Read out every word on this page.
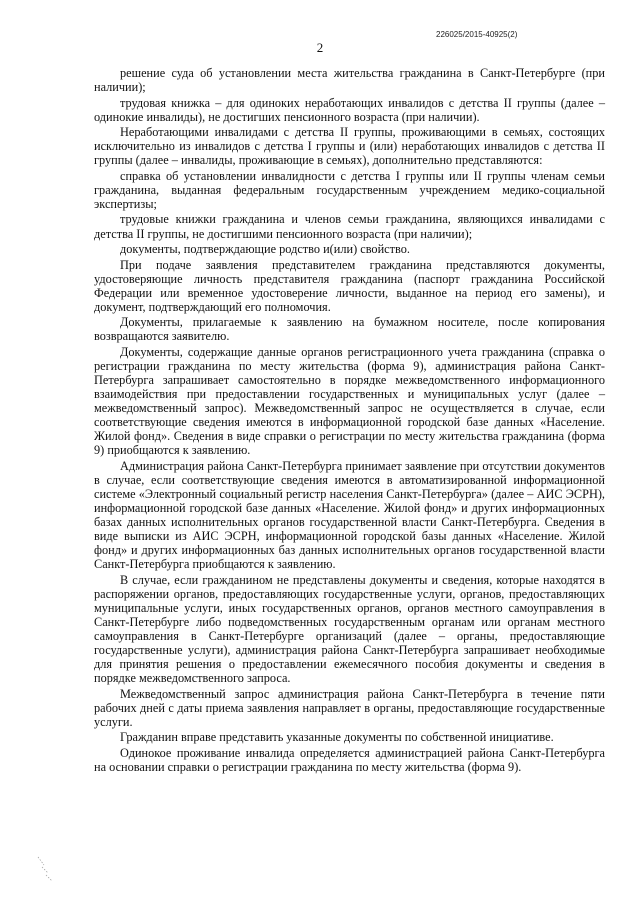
226025/2015-40925(2)
2

решение суда об установлении места жительства гражданина в Санкт-Петербурге (при наличии);

трудовая книжка – для одиноких неработающих инвалидов с детства II группы (далее – одинокие инвалиды), не достигших пенсионного возраста (при наличии).

Неработающими инвалидами с детства II группы, проживающими в семьях, состоящих исключительно из инвалидов с детства I группы и (или) неработающих инвалидов с детства II группы (далее – инвалиды, проживающие в семьях), дополнительно представляются:

справка об установлении инвалидности с детства I группы или II группы членам семьи гражданина, выданная федеральным государственным учреждением медико-социальной экспертизы;

трудовые книжки гражданина и членов семьи гражданина, являющихся инвалидами с детства II группы, не достигшими пенсионного возраста (при наличии);

документы, подтверждающие родство и(или) свойство.

При подаче заявления представителем гражданина представляются документы, удостоверяющие личность представителя гражданина (паспорт гражданина Российской Федерации или временное удостоверение личности, выданное на период его замены), и документ, подтверждающий его полномочия.

Документы, прилагаемые к заявлению на бумажном носителе, после копирования возвращаются заявителю.

Документы, содержащие данные органов регистрационного учета гражданина (справка о регистрации гражданина по месту жительства (форма 9), администрация района Санкт-Петербурга запрашивает самостоятельно в порядке межведомственного информационного взаимодействия при предоставлении государственных и муниципальных услуг (далее – межведомственный запрос). Межведомственный запрос не осуществляется в случае, если соответствующие сведения имеются в информационной городской базе данных «Население. Жилой фонд». Сведения в виде справки о регистрации по месту жительства гражданина (форма 9) приобщаются к заявлению.

Администрация района Санкт-Петербурга принимает заявление при отсутствии документов в случае, если соответствующие сведения имеются в автоматизированной информационной системе «Электронный социальный регистр населения Санкт-Петербурга» (далее – АИС ЭСРН), информационной городской базе данных «Население. Жилой фонд» и других информационных базах данных исполнительных органов государственной власти Санкт-Петербурга. Сведения в виде выписки из АИС ЭСРН, информационной городской базы данных «Население. Жилой фонд» и других информационных баз данных исполнительных органов государственной власти Санкт-Петербурга приобщаются к заявлению.

В случае, если гражданином не представлены документы и сведения, которые находятся в распоряжении органов, предоставляющих государственные услуги, органов, предоставляющих муниципальные услуги, иных государственных органов, органов местного самоуправления в Санкт-Петербурге либо подведомственных государственным органам или органам местного самоуправления в Санкт-Петербурге организаций (далее – органы, предоставляющие государственные услуги), администрация района Санкт-Петербурга запрашивает необходимые для принятия решения о предоставлении ежемесячного пособия документы и сведения в порядке межведомственного запроса.

Межведомственный запрос администрация района Санкт-Петербурга в течение пяти рабочих дней с даты приема заявления направляет в органы, предоставляющие государственные услуги.

Гражданин вправе представить указанные документы по собственной инициативе.

Одинокое проживание инвалида определяется администрацией района Санкт-Петербурга на основании справки о регистрации гражданина по месту жительства (форма 9).
